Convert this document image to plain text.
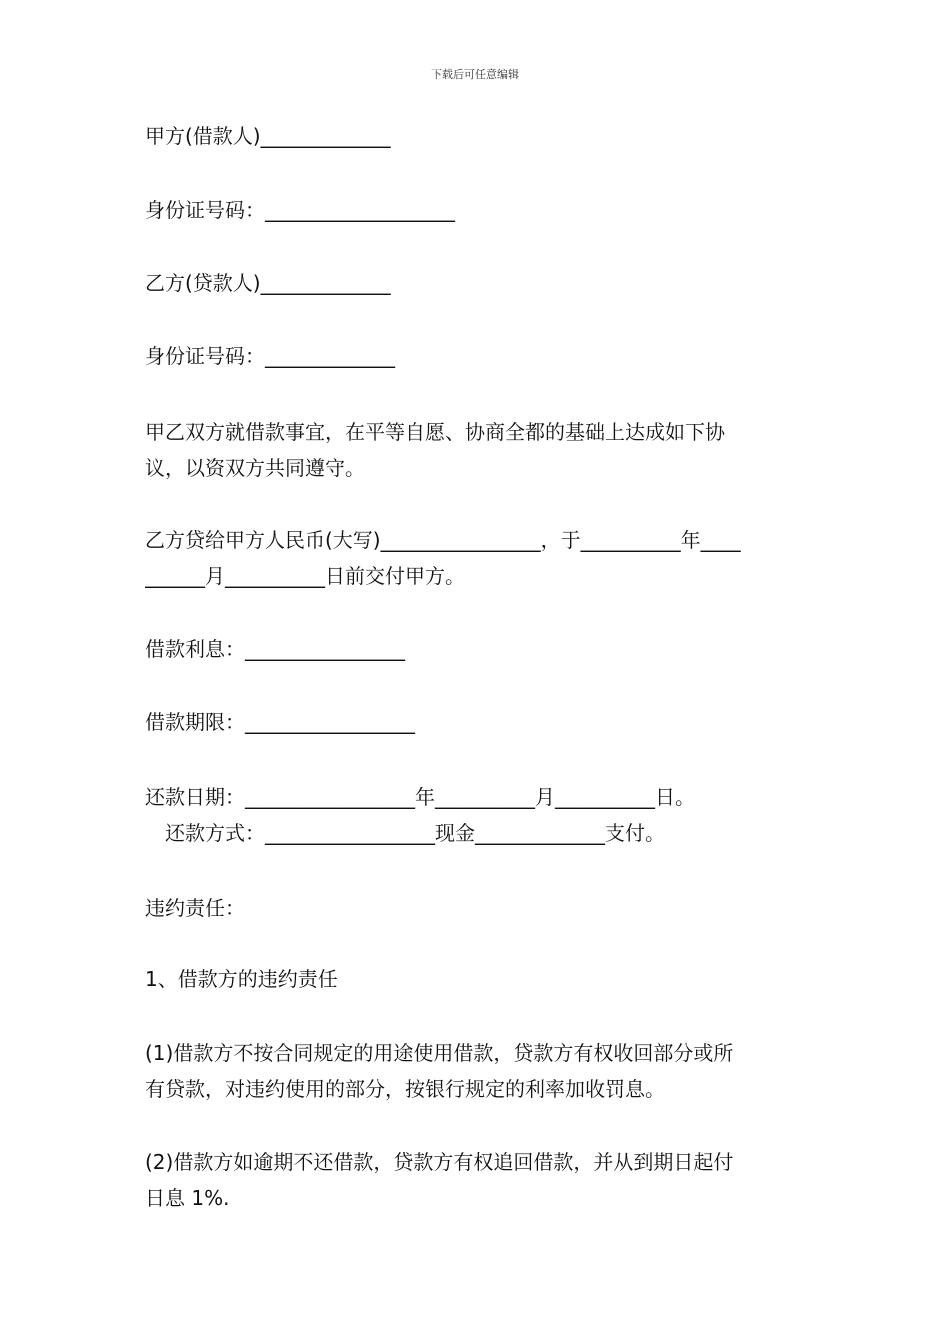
下载后可任意编辑
甲方(借款人)_____________
身份证号码：___________________
乙方(贷款人)_____________
身份证号码：_____________
甲乙双方就借款事宜，在平等自愿、协商全都的基础上达成如下协
议，以资双方共同遵守。
乙方贷给甲方人民币(大写)________________，于__________年____
______月__________日前交付甲方。
借款利息：________________
借款期限：_________________
还款日期：_________________年__________月__________日。
　还款方式：_________________现金_____________支付。
违约责任：
1、借款方的违约责任
(1)借款方不按合同规定的用途使用借款，贷款方有权收回部分或所
有贷款，对违约使用的部分，按银行规定的利率加收罚息。
(2)借款方如逾期不还借款，贷款方有权追回借款，并从到期日起付
日息 1%.
